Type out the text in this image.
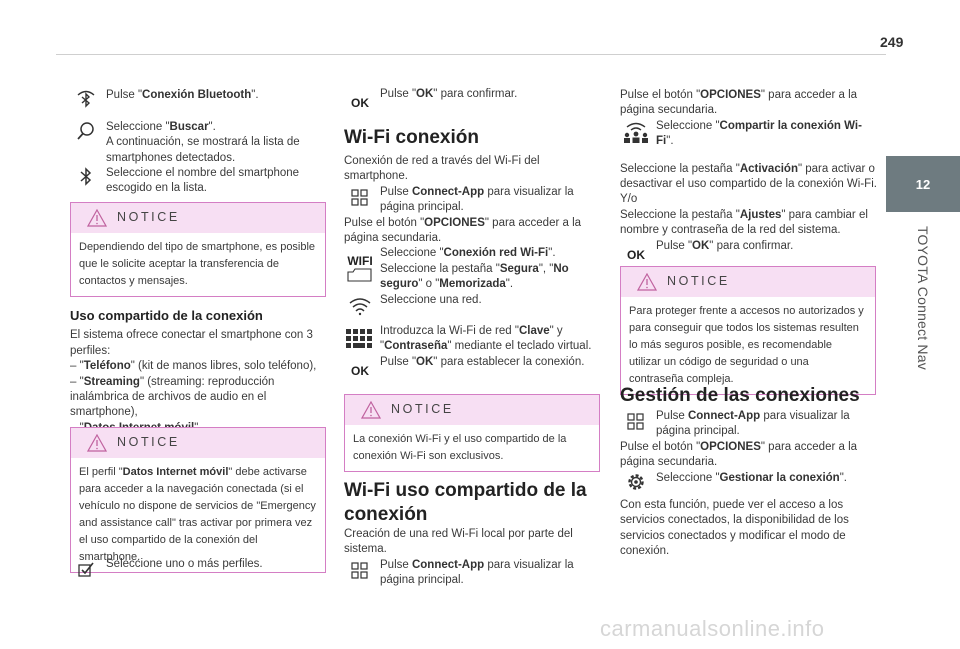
249
12
TOYOTA Connect Nav
Pulse "Conexión Bluetooth".
Seleccione "Buscar".
A continuación, se mostrará la lista de smartphones detectados.
Seleccione el nombre del smartphone escogido en la lista.
NOTICE
Dependiendo del tipo de smartphone, es posible que le solicite aceptar la transferencia de contactos y mensajes.
Uso compartido de la conexión

El sistema ofrece conectar el smartphone con 3 perfiles:

– "Teléfono" (kit de manos libres, solo teléfono),

– "Streaming" (streaming: reproducción inalámbrica de archivos de audio en el smartphone),

NOTICE
El perfil "Datos Internet móvil" debe activarse para acceder a la navegación conectada (si el vehículo no dispone de servicios de "Emergency and assistance call" tras activar por primera vez el uso compartido de la conexión del smartphone.
Seleccione uno o más perfiles.
OK
Pulse "OK" para confirmar.
Wi-Fi conexión

Conexión de red a través del Wi-Fi del smartphone.

Pulse Connect-App para visualizar la página principal.

Pulse el botón "OPCIONES" para acceder a la página secundaria.

WIFI
Seleccione "Conexión red Wi-Fi".
Seleccione la pestaña "Segura", "No seguro" o "Memorizada".
Seleccione una red.
Introduzca la Wi-Fi de red "Clave" y "Contraseña" mediante el teclado virtual.
OK
Pulse "OK" para establecer la conexión.
NOTICE
La conexión Wi-Fi y el uso compartido de la conexión Wi-Fi son exclusivos.
Wi-Fi uso compartido de la conexión

Creación de una red Wi-Fi local por parte del sistema.

Pulse Connect-App para visualizar la página principal.

Pulse el botón "OPCIONES" para acceder a la página secundaria.

Seleccione "Compartir la conexión Wi-Fi".

Seleccione la pestaña "Activación" para activar o desactivar el uso compartido de la conexión Wi-Fi.

Y/o

Seleccione la pestaña "Ajustes" para cambiar el nombre y contraseña de la red del sistema.

OK
Pulse "OK" para confirmar.
NOTICE
Para proteger frente a accesos no autorizados y para conseguir que todos los sistemas resulten lo más seguros posible, es recomendable utilizar un código de seguridad o una contraseña compleja.
Gestión de las conexiones
Pulse Connect-App para visualizar la página principal.

Pulse el botón "OPCIONES" para acceder a la página secundaria.

Seleccione "Gestionar la conexión".

Con esta función, puede ver el acceso a los servicios conectados, la disponibilidad de los servicios conectados y modificar el modo de conexión.

carmanualsonline.info
